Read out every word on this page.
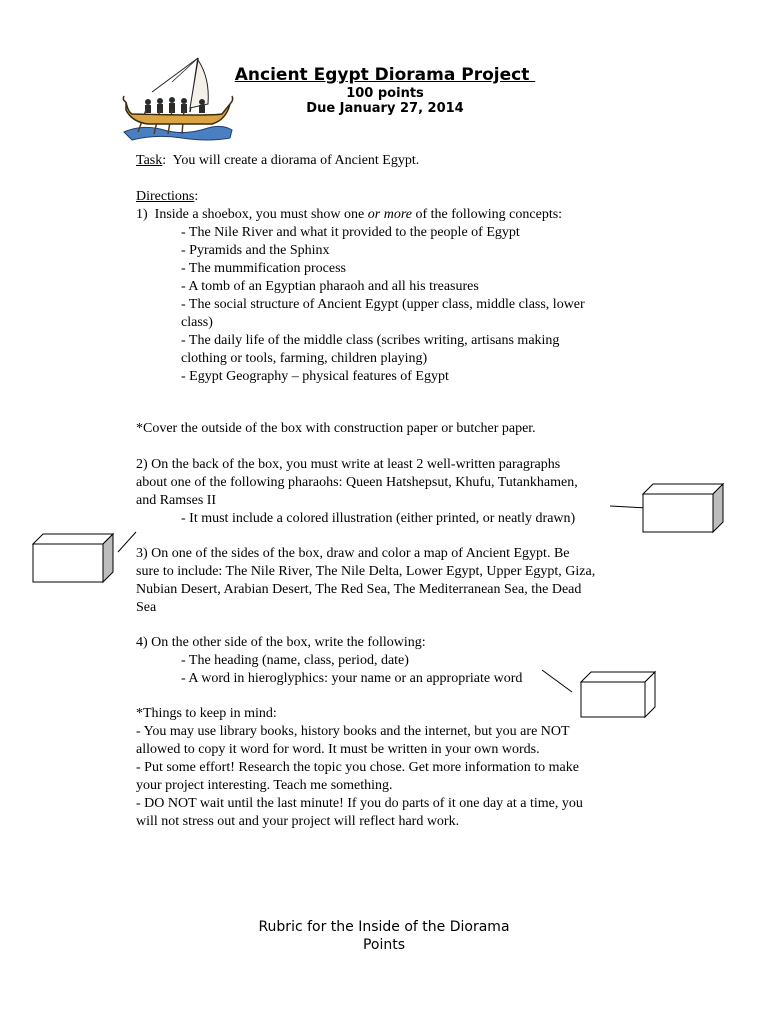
Ancient Egypt Diorama Project
100 points
Due January 27, 2014
Task:  You will create a diorama of Ancient Egypt.
Directions:
1)  Inside a shoebox, you must show one or more of the following concepts:
- The Nile River and what it provided to the people of Egypt
- Pyramids and the Sphinx
- The mummification process
- A tomb of an Egyptian pharaoh and all his treasures
- The social structure of Ancient Egypt (upper class, middle class, lower
class)
- The daily life of the middle class (scribes writing, artisans making
clothing or tools, farming, children playing)
- Egypt Geography – physical features of Egypt
*Cover the outside of the box with construction paper or butcher paper.
2) On the back of the box, you must write at least 2 well-written paragraphs
about one of the following pharaohs: Queen Hatshepsut, Khufu, Tutankhamen,
and Ramses II
- It must include a colored illustration (either printed, or neatly drawn)
3) On one of the sides of the box, draw and color a map of Ancient Egypt. Be
sure to include: The Nile River, The Nile Delta, Lower Egypt, Upper Egypt, Giza,
Nubian Desert, Arabian Desert, The Red Sea, The Mediterranean Sea, the Dead
Sea
4) On the other side of the box, write the following:
- The heading (name, class, period, date)
- A word in hieroglyphics: your name or an appropriate word
*Things to keep in mind:
- You may use library books, history books and the internet, but you are NOT
allowed to copy it word for word. It must be written in your own words.
- Put some effort! Research the topic you chose. Get more information to make
your project interesting. Teach me something.
- DO NOT wait until the last minute! If you do parts of it one day at a time, you
will not stress out and your project will reflect hard work.
Rubric for the Inside of the Diorama
Points
